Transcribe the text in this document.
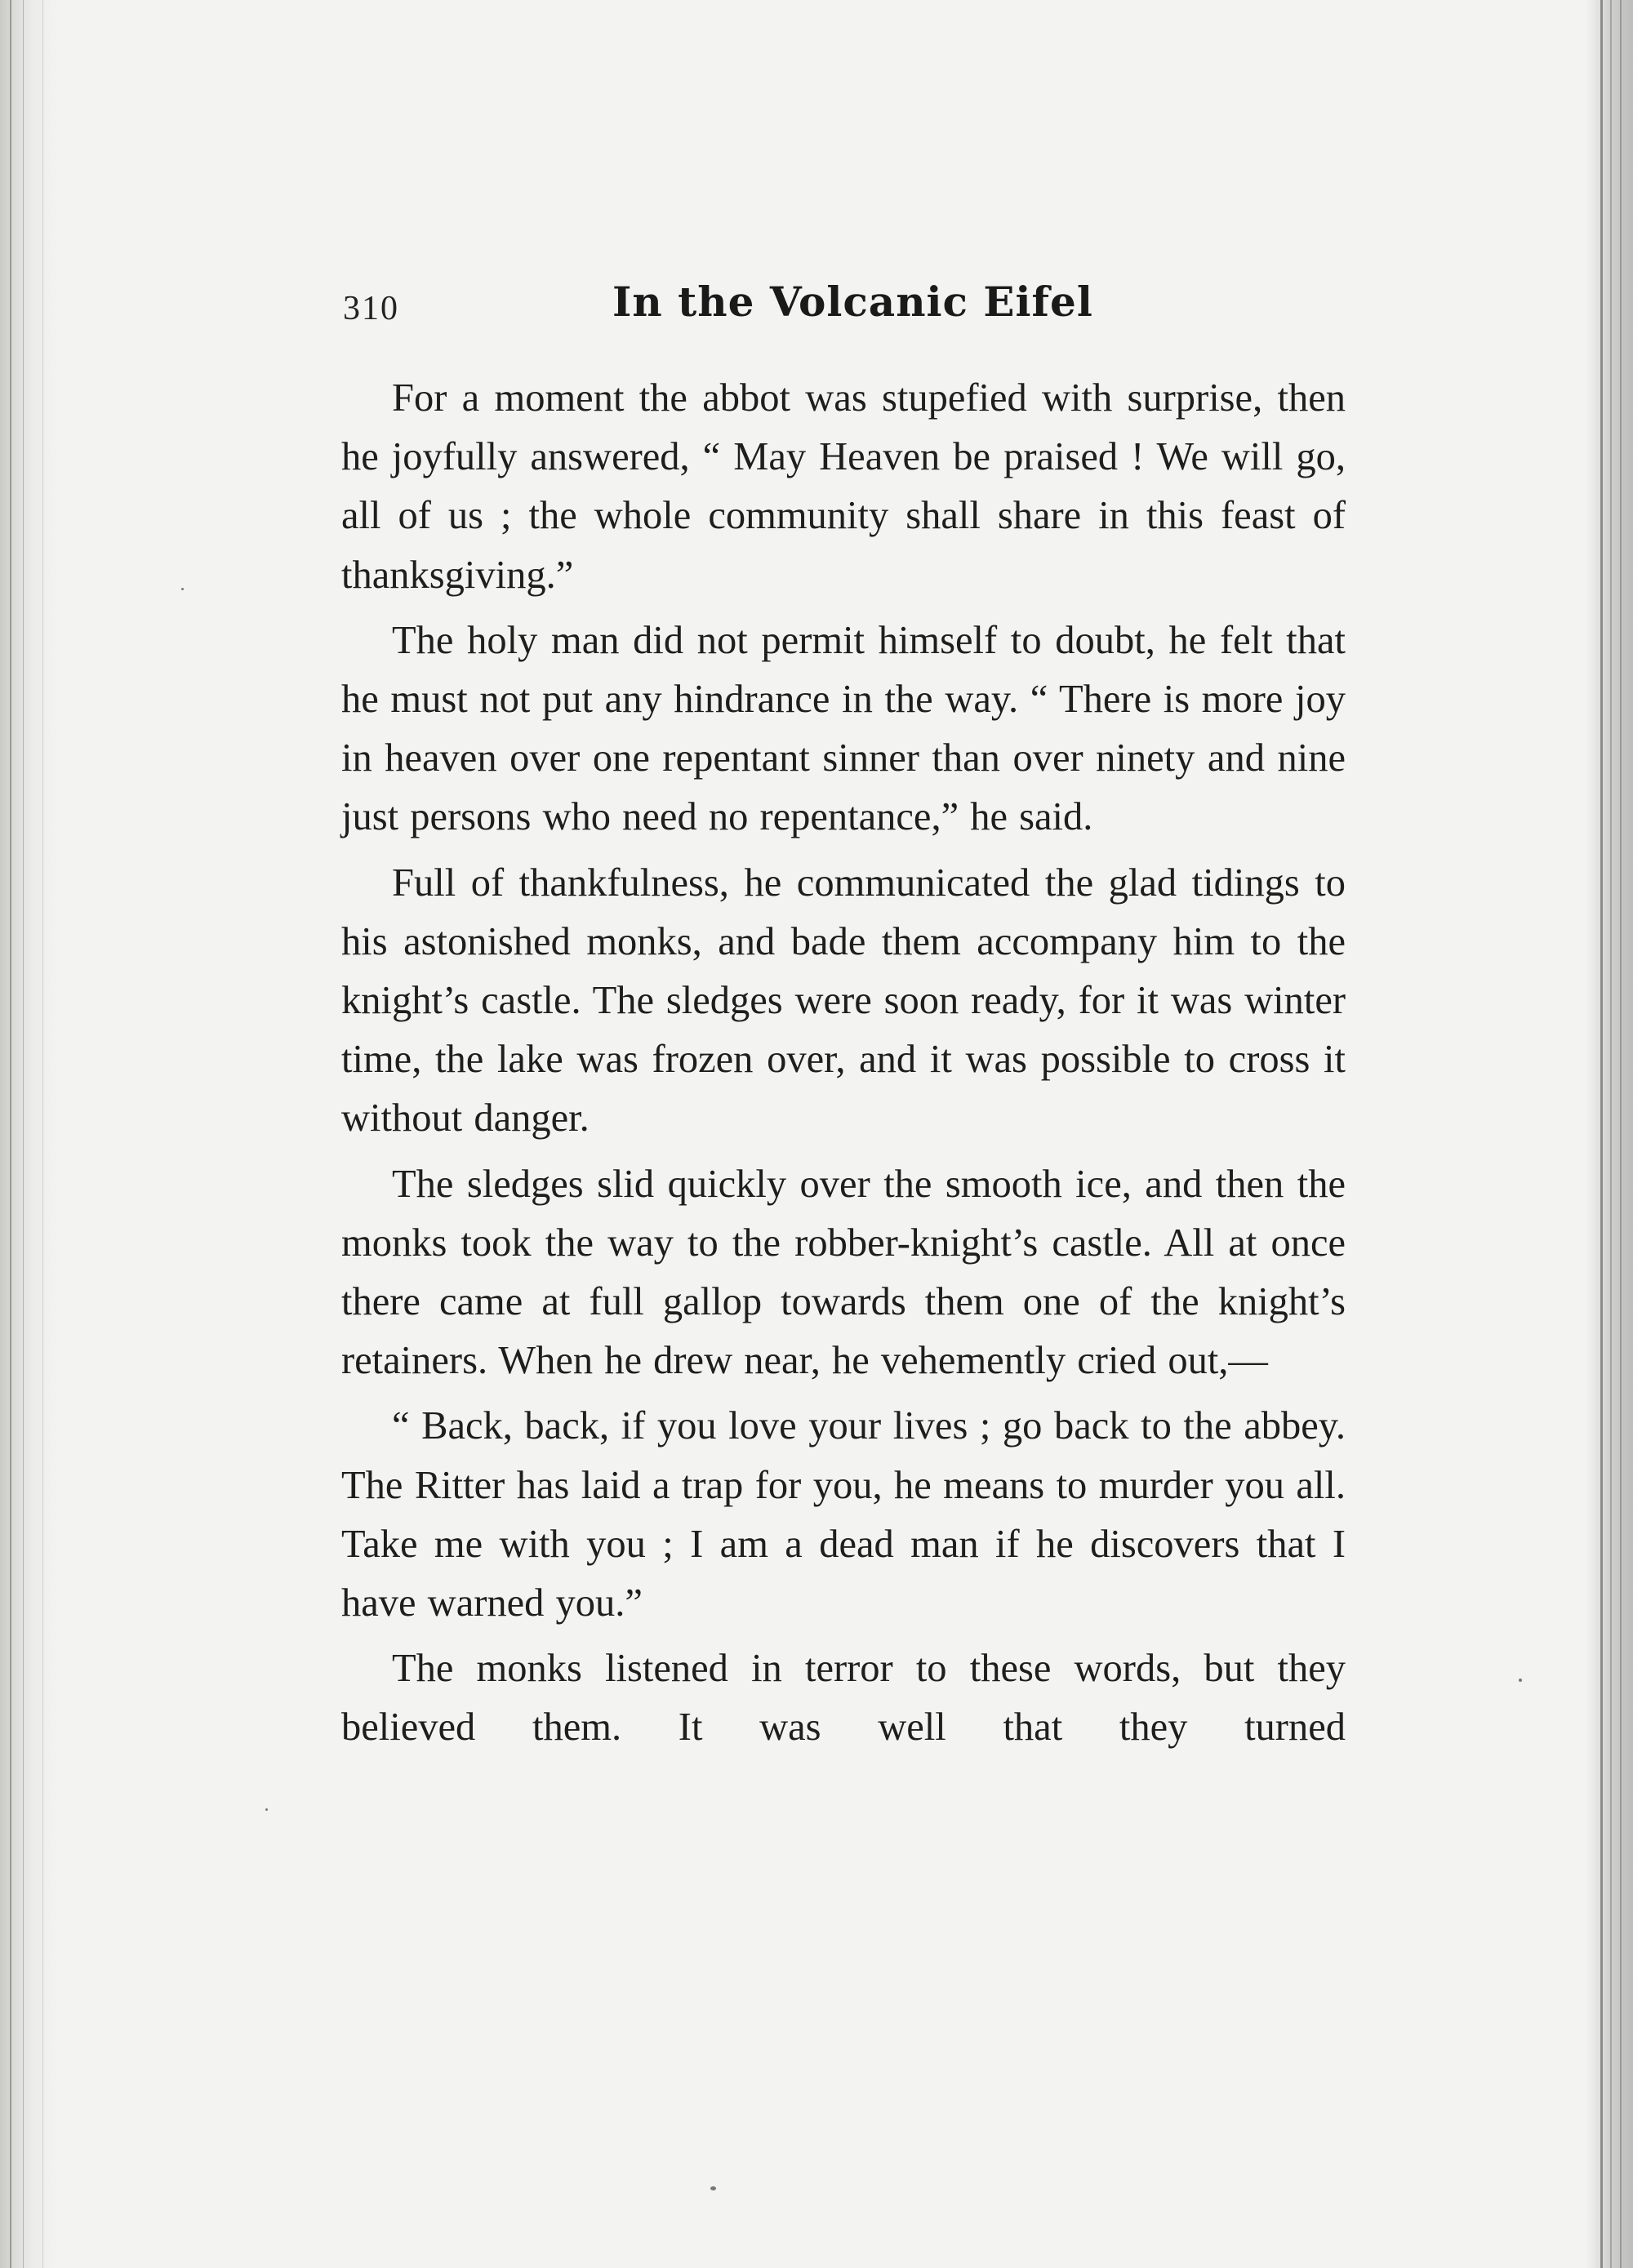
310	In the Volcanic Eifel

For a moment the abbot was stupefied with surprise, then he joyfully answered, “ May Heaven be praised ! We will go, all of us ; the whole community shall share in this feast of thanksgiving.”

The holy man did not permit himself to doubt, he felt that he must not put any hindrance in the way. “ There is more joy in heaven over one repentant sinner than over ninety and nine just persons who need no repentance,” he said.

Full of thankfulness, he communicated the glad tidings to his astonished monks, and bade them accompany him to the knight’s castle. The sledges were soon ready, for it was winter time, the lake was frozen over, and it was possible to cross it without danger.

The sledges slid quickly over the smooth ice, and then the monks took the way to the robber-knight’s castle. All at once there came at full gallop towards them one of the knight’s retainers. When he drew near, he vehemently cried out,—

“ Back, back, if you love your lives ; go back to the abbey. The Ritter has laid a trap for you, he means to murder you all. Take me with you ; I am a dead man if he discovers that I have warned you.”

The monks listened in terror to these words, but they believed them. It was well that they turned
